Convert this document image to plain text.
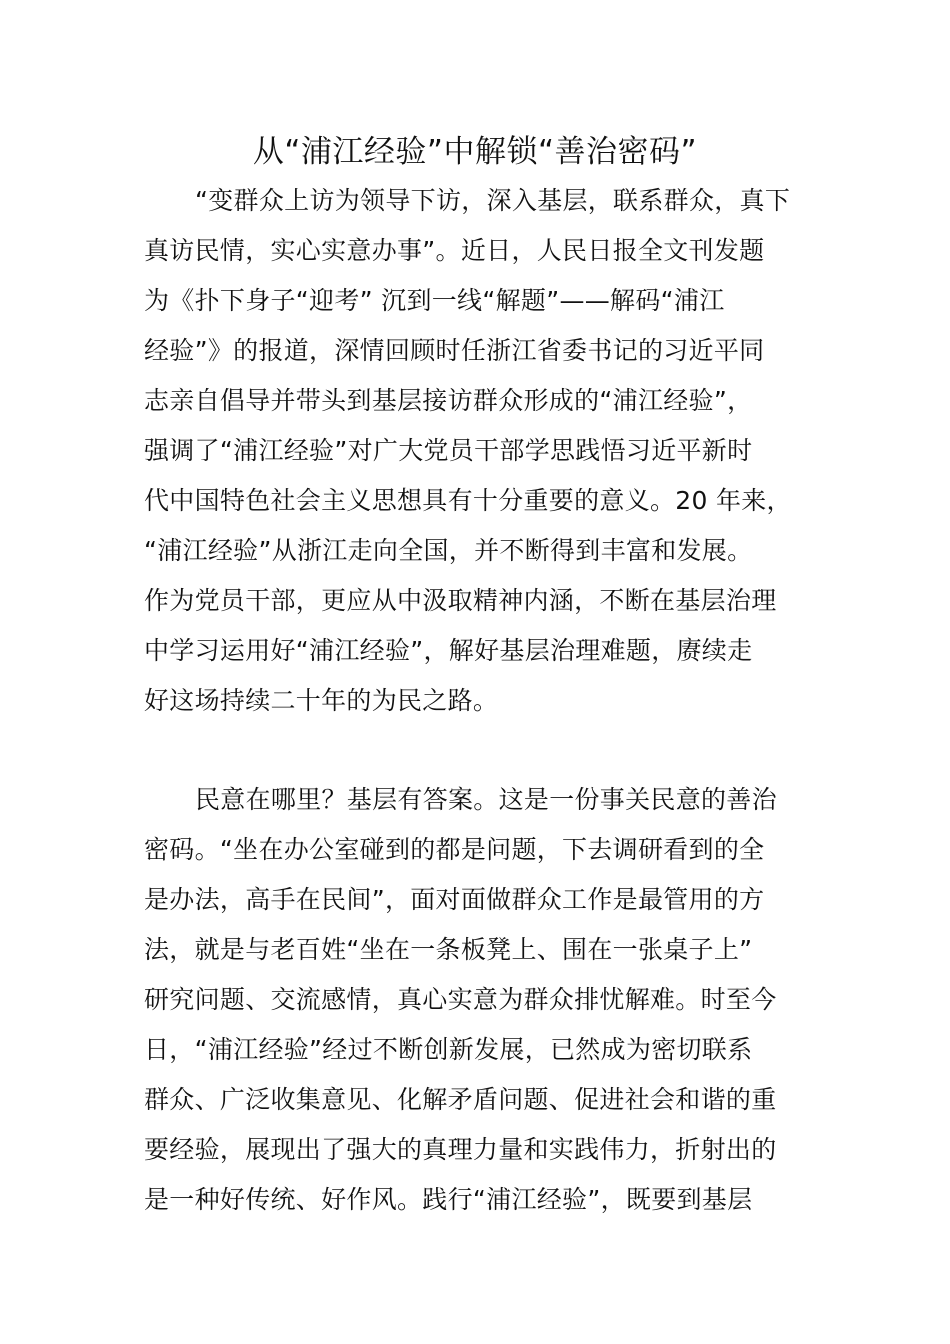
从“浦江经验”中解锁“善治密码”
“变群众上访为领导下访，深入基层，联系群众，真下
真访民情，实心实意办事”。近日，人民日报全文刊发题
为《扑下身子“迎考” 沉到一线“解题”——解码“浦江
经验”》的报道，深情回顾时任浙江省委书记的习近平同
志亲自倡导并带头到基层接访群众形成的“浦江经验”，
强调了“浦江经验”对广大党员干部学思践悟习近平新时
代中国特色社会主义思想具有十分重要的意义。20 年来，
“浦江经验”从浙江走向全国，并不断得到丰富和发展。
作为党员干部，更应从中汲取精神内涵，不断在基层治理
中学习运用好“浦江经验”，解好基层治理难题，赓续走
好这场持续二十年的为民之路。
民意在哪里？基层有答案。这是一份事关民意的善治
密码。“坐在办公室碰到的都是问题，下去调研看到的全
是办法，高手在民间”，面对面做群众工作是最管用的方
法，就是与老百姓“坐在一条板凳上、围在一张桌子上”
研究问题、交流感情，真心实意为群众排忧解难。时至今
日，“浦江经验”经过不断创新发展，已然成为密切联系
群众、广泛收集意见、化解矛盾问题、促进社会和谐的重
要经验，展现出了强大的真理力量和实践伟力，折射出的
是一种好传统、好作风。践行“浦江经验”，既要到基层
